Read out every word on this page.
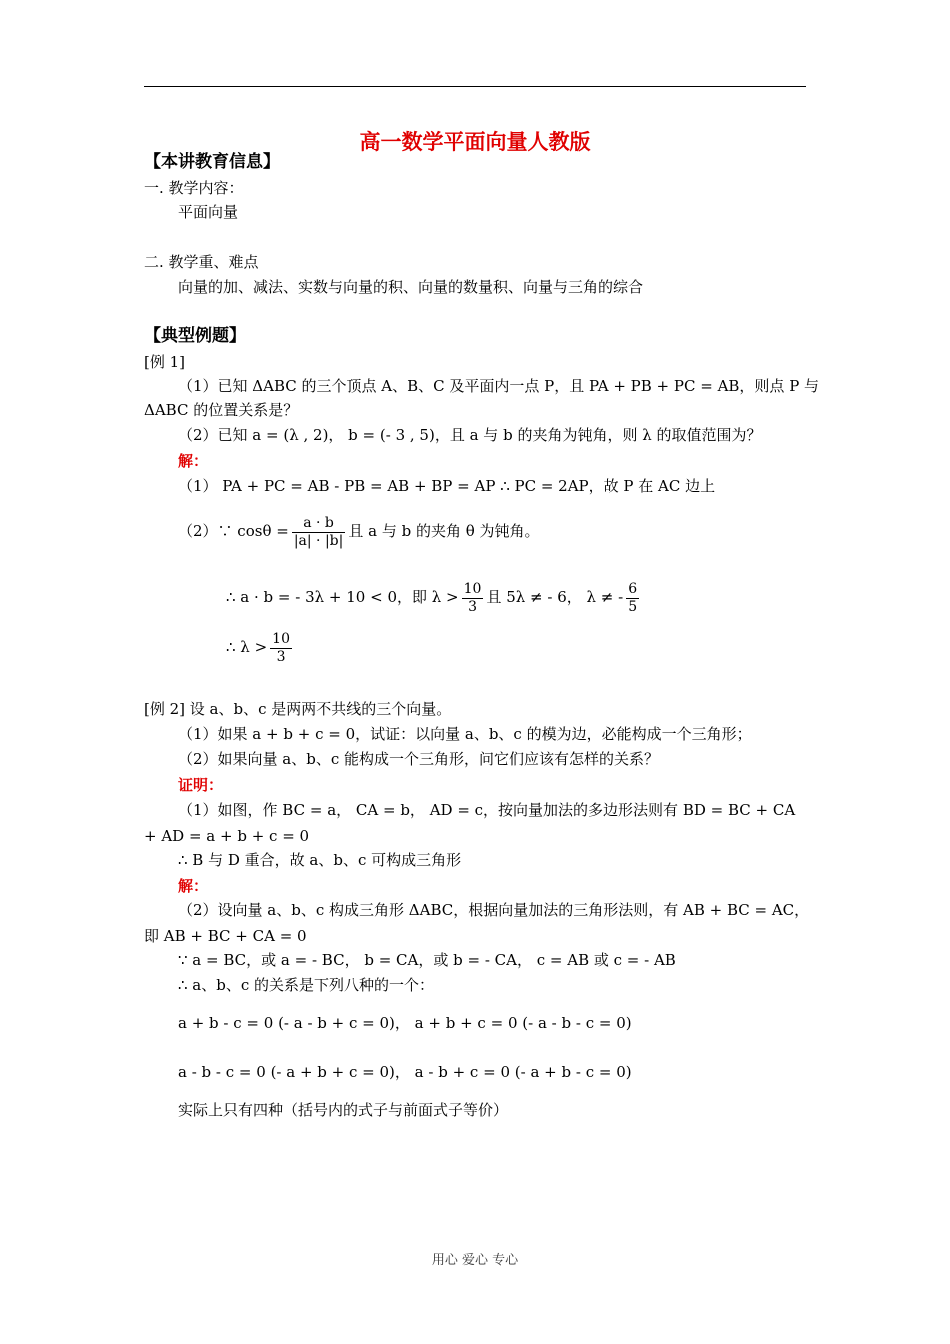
高一数学平面向量人教版
【本讲教育信息】
一. 教学内容：
平面向量
二. 教学重、难点
向量的加、减法、实数与向量的积、向量的数量积、向量与三角的综合
【典型例题】
[例 1]
（1）已知 ΔABC 的三个顶点 A、B、C 及平面内一点 P，且 PA + PB + PC = AB，则点 P 与
ΔABC 的位置关系是？
（2）已知 a = (λ , 2)， b = (- 3 , 5)，且 a 与 b 的夹角为钝角，则 λ 的取值范围为？
解：
（1） PA + PC = AB - PB = AB + BP = AP ∴ PC = 2AP，故 P 在 AC 边上
（2）∵ $\cos\theta = \frac{a \cdot b}{|a| \cdot |b|}$ 且 a 与 b 的夹角 θ 为钝角。
∴ a · b = - 3λ + 10 < 0，即 $\lambda > \frac{10}{3}$ 且 5λ ≠ - 6， λ ≠ - $\frac{6}{5}$
∴ $\lambda > \frac{10}{3}$
[例 2] 设 a、b、c 是两两不共线的三个向量。
（1）如果 a + b + c = 0，试证：以向量 a、b、c 的模为边，必能构成一个三角形；
（2）如果向量 a、b、c 能构成一个三角形，问它们应该有怎样的关系？
证明：
（1）如图，作 BC = a， CA = b， AD = c，按向量加法的多边形法则有 BD = BC + CA
+ AD = a + b + c = 0
∴ B 与 D 重合，故 a、b、c 可构成三角形
解：
（2）设向量 a、b、c 构成三角形 ΔABC，根据向量加法的三角形法则，有 AB + BC = AC，
即 AB + BC + CA = 0
∵ a = BC，或 a = - BC， b = CA，或 b = - CA， c = AB 或 c = - AB
∴ a、b、c 的关系是下列八种的一个：
a + b - c = 0 (- a - b + c = 0)， a + b + c = 0 (- a - b - c = 0)
a - b - c = 0 (- a + b + c = 0)， a - b + c = 0 (- a + b - c = 0)
实际上只有四种（括号内的式子与前面式子等价）
用心 爱心 专心
